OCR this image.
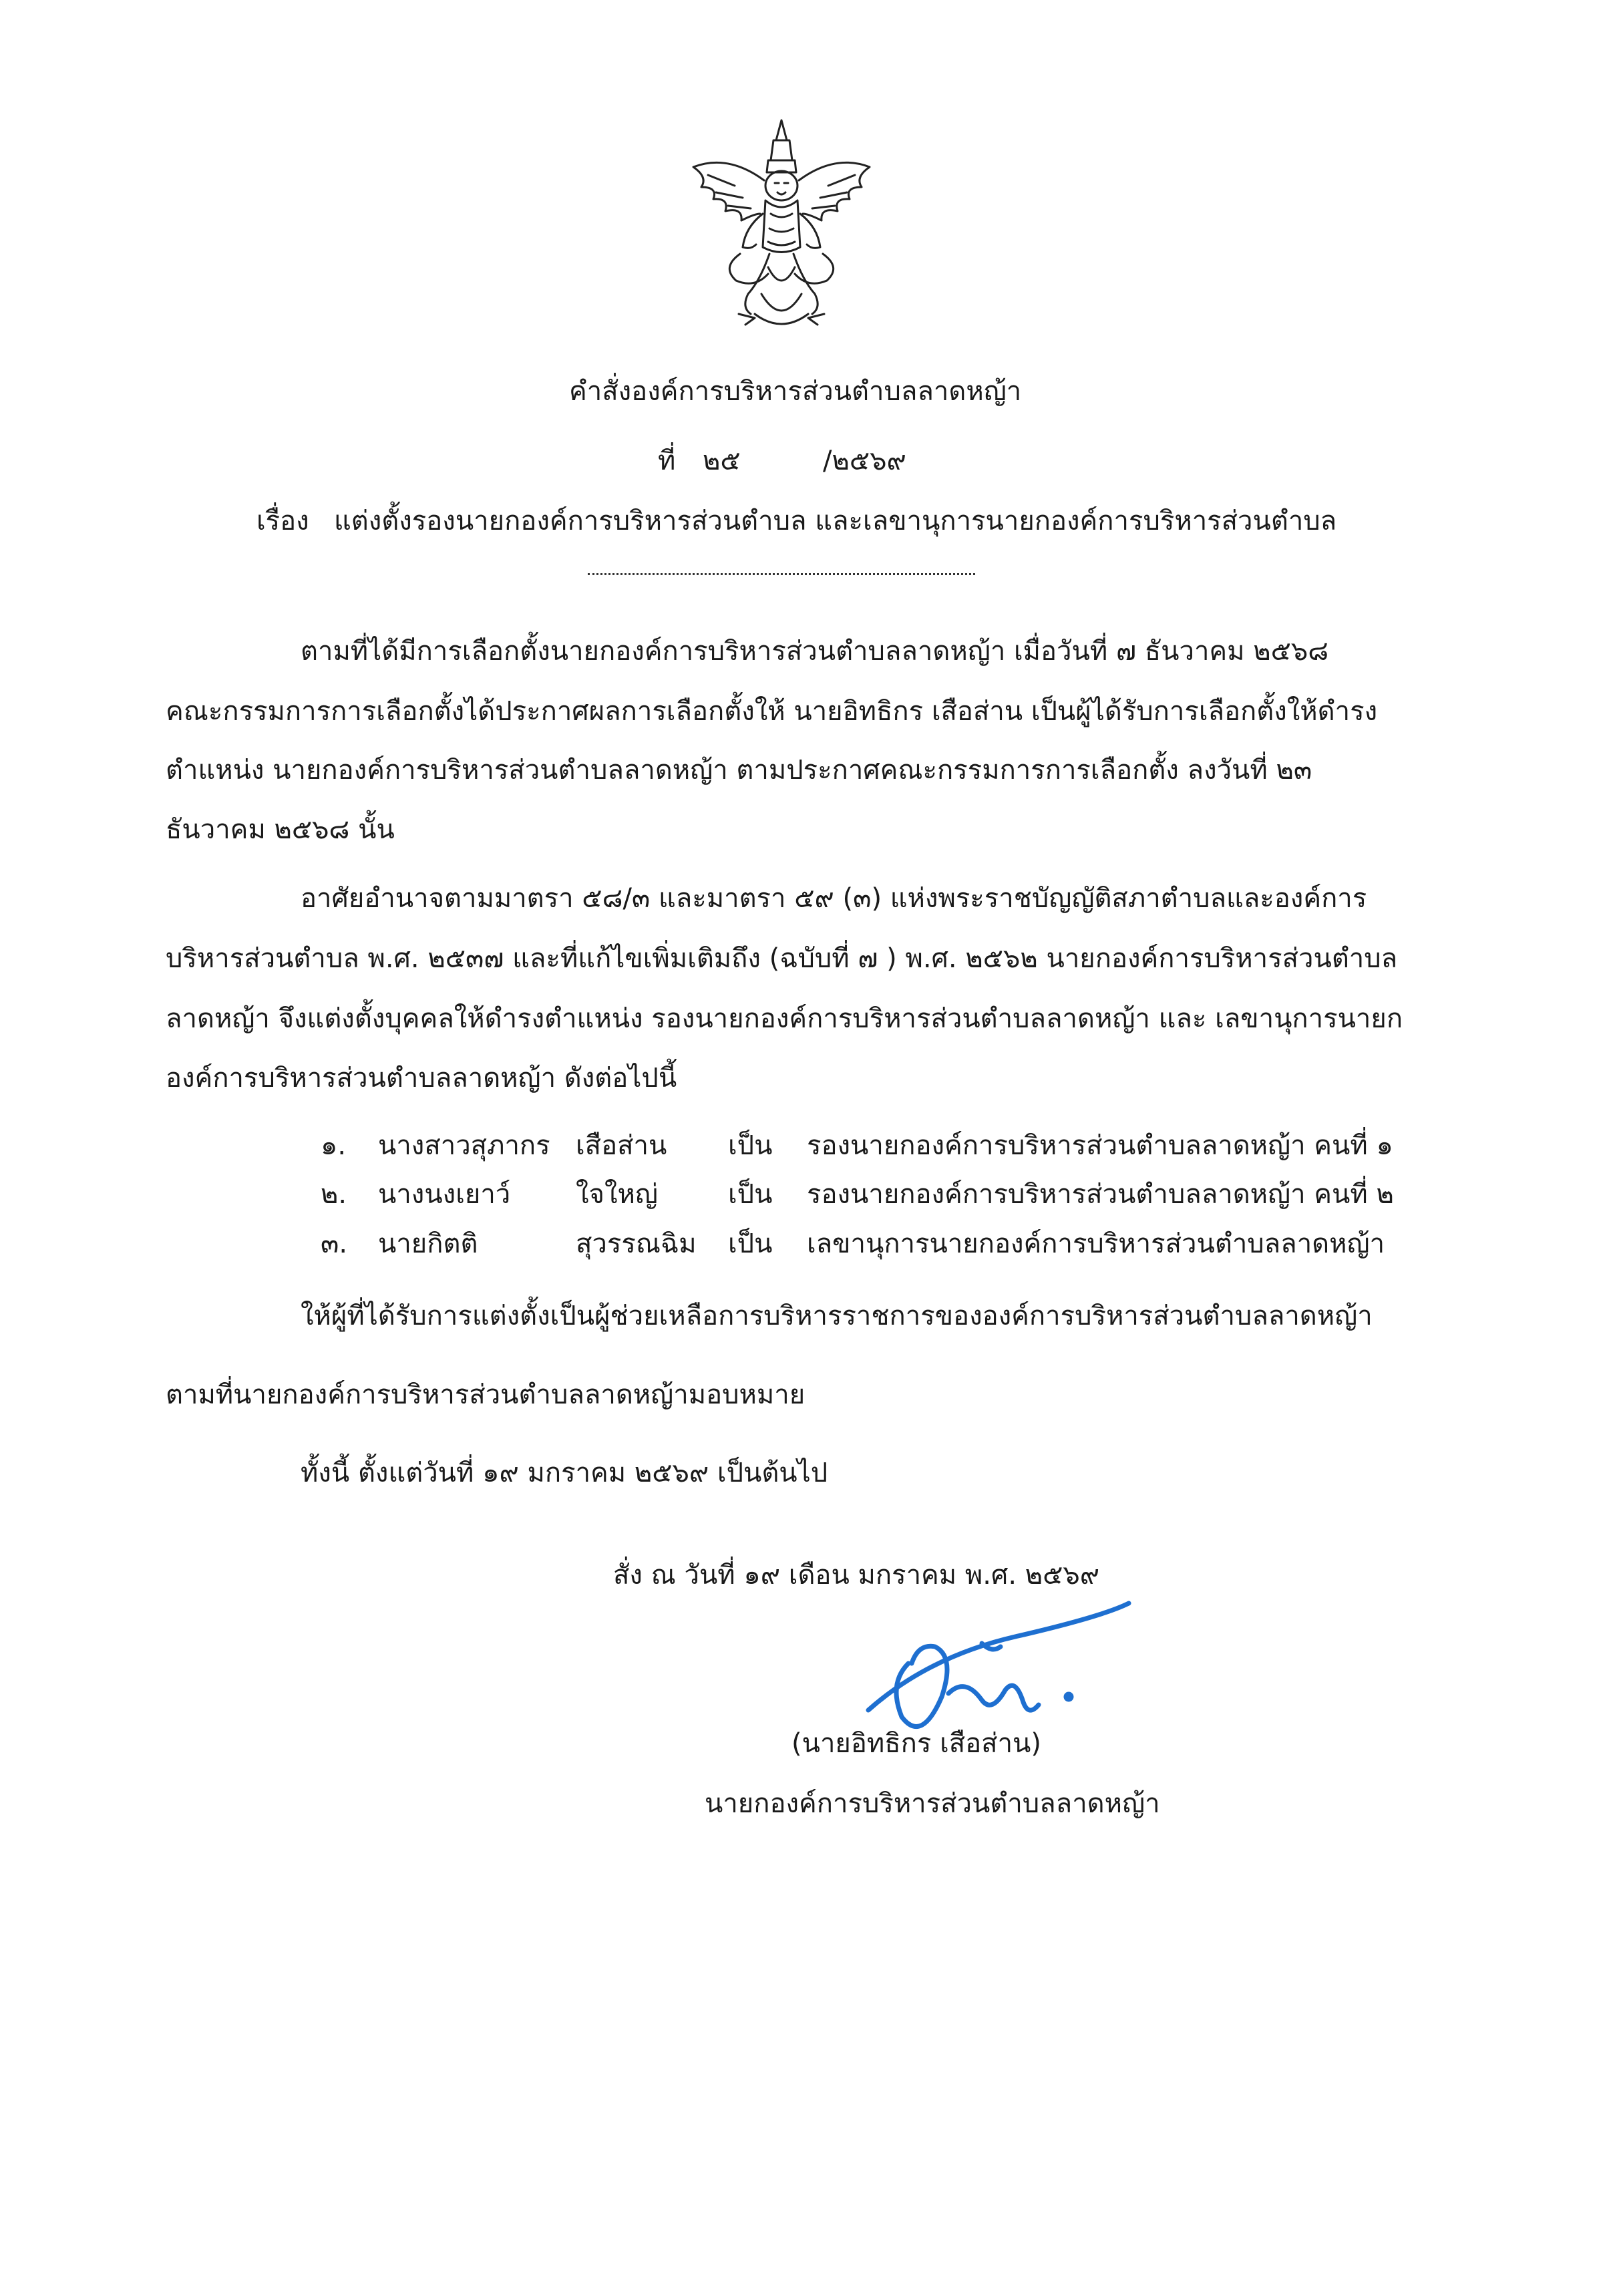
คำสั่งองค์การบริหารส่วนตำบลลาดหญ้า
ที่ ๒๕	/๒๕๖๙
เรื่อง แต่งตั้งรองนายกองค์การบริหารส่วนตำบล และเลขานุการนายกองค์การบริหารส่วนตำบล
ตามที่ได้มีการเลือกตั้งนายกองค์การบริหารส่วนตำบลลาดหญ้า เมื่อวันที่ ๗ ธันวาคม ๒๕๖๘
คณะกรรมการการเลือกตั้งได้ประกาศผลการเลือกตั้งให้ นายอิทธิกร เสือส่าน เป็นผู้ได้รับการเลือกตั้งให้ดำรง
ตำแหน่ง นายกองค์การบริหารส่วนตำบลลาดหญ้า ตามประกาศคณะกรรมการการเลือกตั้ง ลงวันที่ ๒๓
ธันวาคม ๒๕๖๘ นั้น
อาศัยอำนาจตามมาตรา ๕๘/๓ และมาตรา ๕๙ (๓) แห่งพระราชบัญญัติสภาตำบลและองค์การ
บริหารส่วนตำบล พ.ศ. ๒๕๓๗ และที่แก้ไขเพิ่มเติมถึง (ฉบับที่ ๗ ) พ.ศ. ๒๕๖๒ นายกองค์การบริหารส่วนตำบล
ลาดหญ้า จึงแต่งตั้งบุคคลให้ดำรงตำแหน่ง รองนายกองค์การบริหารส่วนตำบลลาดหญ้า และ เลขานุการนายก
องค์การบริหารส่วนตำบลลาดหญ้า ดังต่อไปนี้
๑. นางสาวสุภากร เสือส่าน เป็น รองนายกองค์การบริหารส่วนตำบลลาดหญ้า คนที่ ๑
๒. นางนงเยาว์ ใจใหญ่	เป็น รองนายกองค์การบริหารส่วนตำบลลาดหญ้า คนที่ ๒
๓. นายกิตติ	สุวรรณฉิม เป็น เลขานุการนายกองค์การบริหารส่วนตำบลลาดหญ้า
ให้ผู้ที่ได้รับการแต่งตั้งเป็นผู้ช่วยเหลือการบริหารราชการขององค์การบริหารส่วนตำบลลาดหญ้า
ตามที่นายกองค์การบริหารส่วนตำบลลาดหญ้ามอบหมาย
ทั้งนี้ ตั้งแต่วันที่ ๑๙ มกราคม ๒๕๖๙ เป็นต้นไป
สั่ง ณ วันที่ ๑๙ เดือน มกราคม พ.ศ. ๒๕๖๙
(นายอิทธิกร เสือส่าน)
นายกองค์การบริหารส่วนตำบลลาดหญ้า
